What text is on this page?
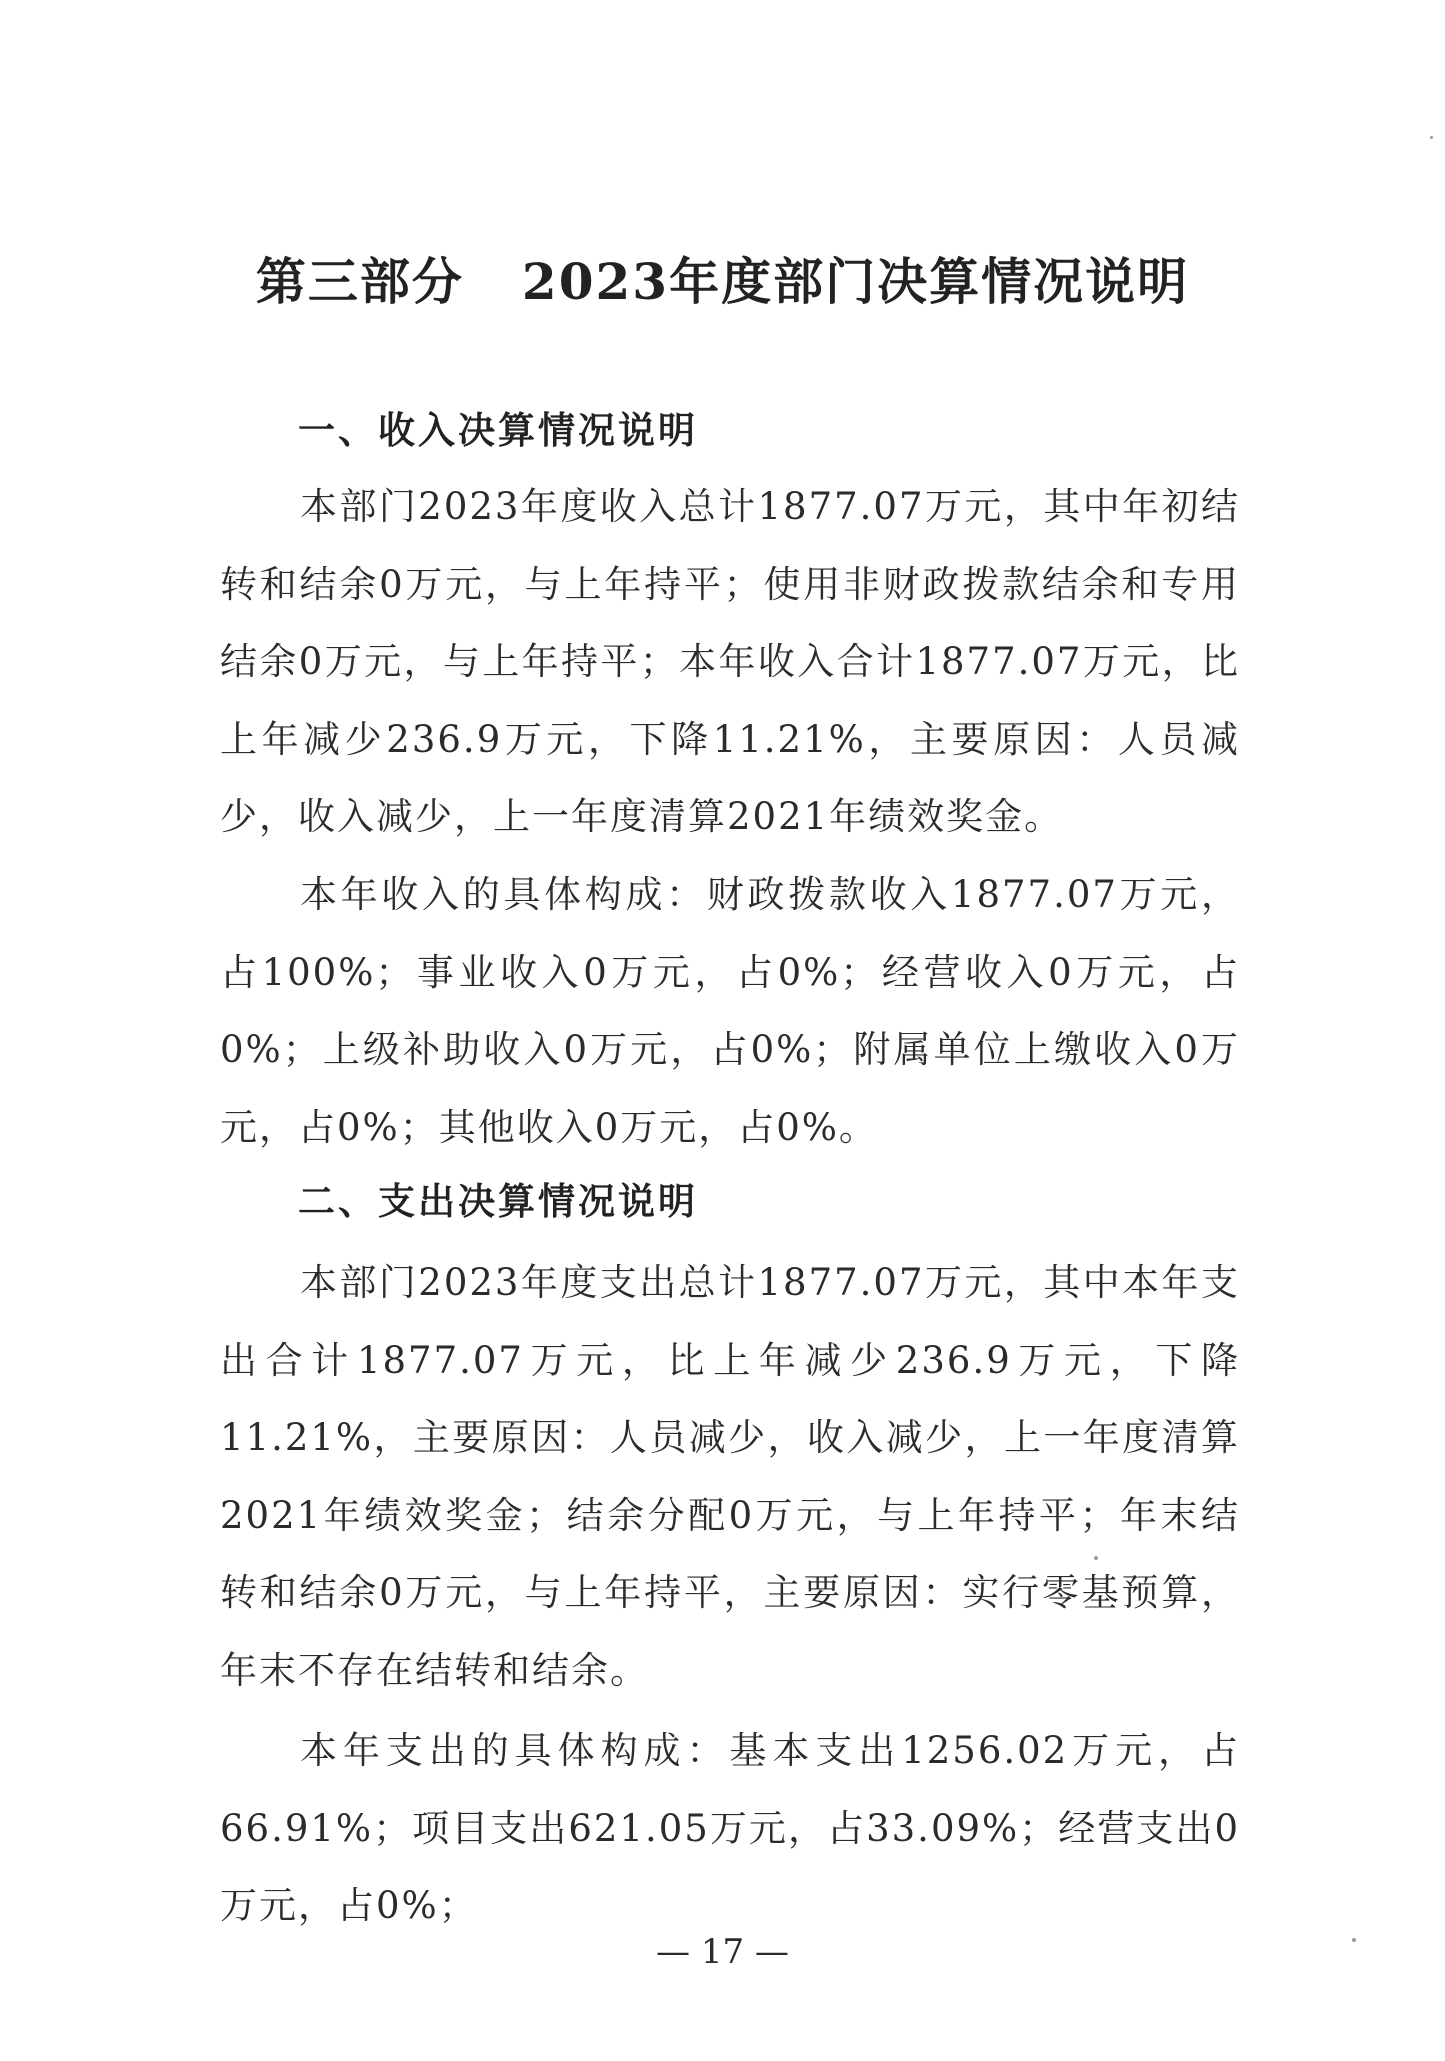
第三部分 2023年度部门决算情况说明
一、收入决算情况说明
本部门2023年度收入总计1877.07万元，其中年初结转和结余0万元，与上年持平；使用非财政拨款结余和专用结余0万元，与上年持平；本年收入合计1877.07万元，比上年减少236.9万元，下降11.21%，主要原因：人员减少，收入减少，上一年度清算2021年绩效奖金。
本年收入的具体构成：财政拨款收入1877.07万元，占100%；事业收入0万元，占0%；经营收入0万元，占0%；上级补助收入0万元，占0%；附属单位上缴收入0万元，占0%；其他收入0万元，占0%。
二、支出决算情况说明
本部门2023年度支出总计1877.07万元，其中本年支出合计1877.07万元，比上年减少236.9万元，下降11.21%，主要原因：人员减少，收入减少，上一年度清算2021年绩效奖金；结余分配0万元，与上年持平；年末结转和结余0万元，与上年持平，主要原因：实行零基预算，年末不存在结转和结余。
本年支出的具体构成：基本支出1256.02万元，占66.91%；项目支出621.05万元，占33.09%；经营支出0万元，占0%；
— 17 —
